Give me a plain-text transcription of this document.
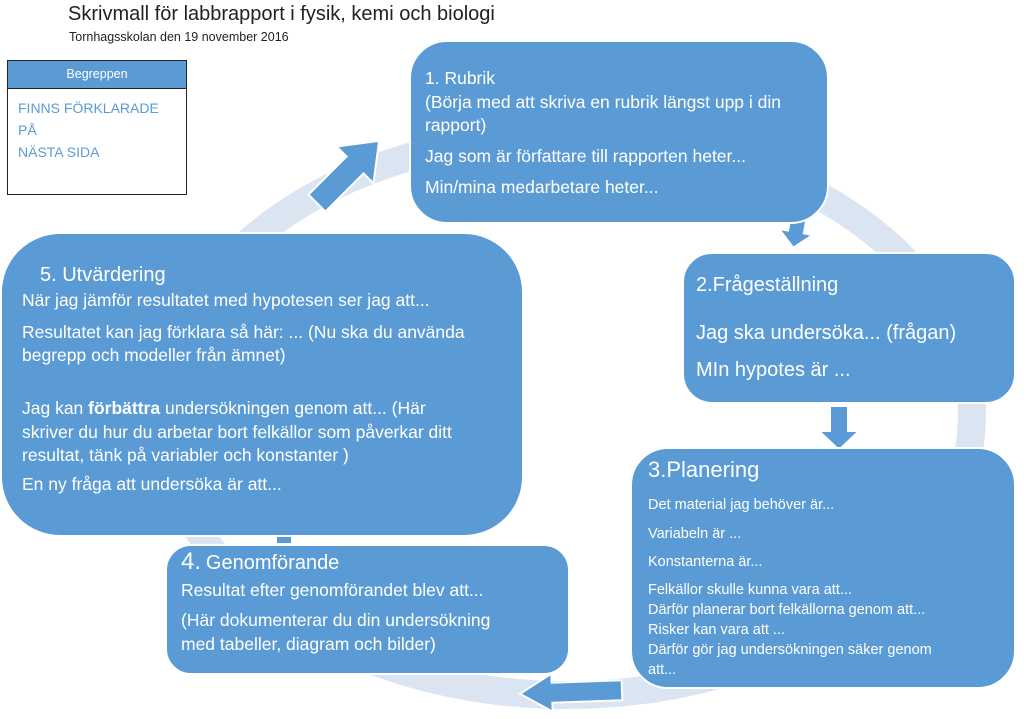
Skrivmall för labbrapport i fysik, kemi och biologi
Tornhagsskolan den 19 november 2016
Begreppen
FINNS FÖRKLARADE PÅ
NÄSTA SIDA

1. Rubrik

(Börja med att skriva en rubrik längst upp i din

rapport)

Jag som är författare till rapporten heter...

Min/mina medarbetare heter...

2.Frågeställning

Jag ska undersöka... (frågan)

MIn hypotes är ...

3.Planering

Det material jag behöver är...

Variabeln är ...

Konstanterna är...

Felkällor skulle kunna vara att...

Därför planerar bort felkällorna genom att...

Risker kan vara att ...

Därför gör jag undersökningen säker genom

att...

4. Genomförande

Resultat efter genomförandet blev att...

(Här dokumenterar du din undersökning

med tabeller, diagram och bilder)

5. Utvärdering

När jag jämför resultatet med hypotesen ser jag att...

Resultatet kan jag förklara så här: ... (Nu ska du använda

begrepp och modeller från ämnet)

Jag kan förbättra undersökningen genom att... (Här

skriver du hur du arbetar bort felkällor som påverkar ditt

resultat, tänk på variabler och konstanter )

En ny fråga att undersöka är att...
